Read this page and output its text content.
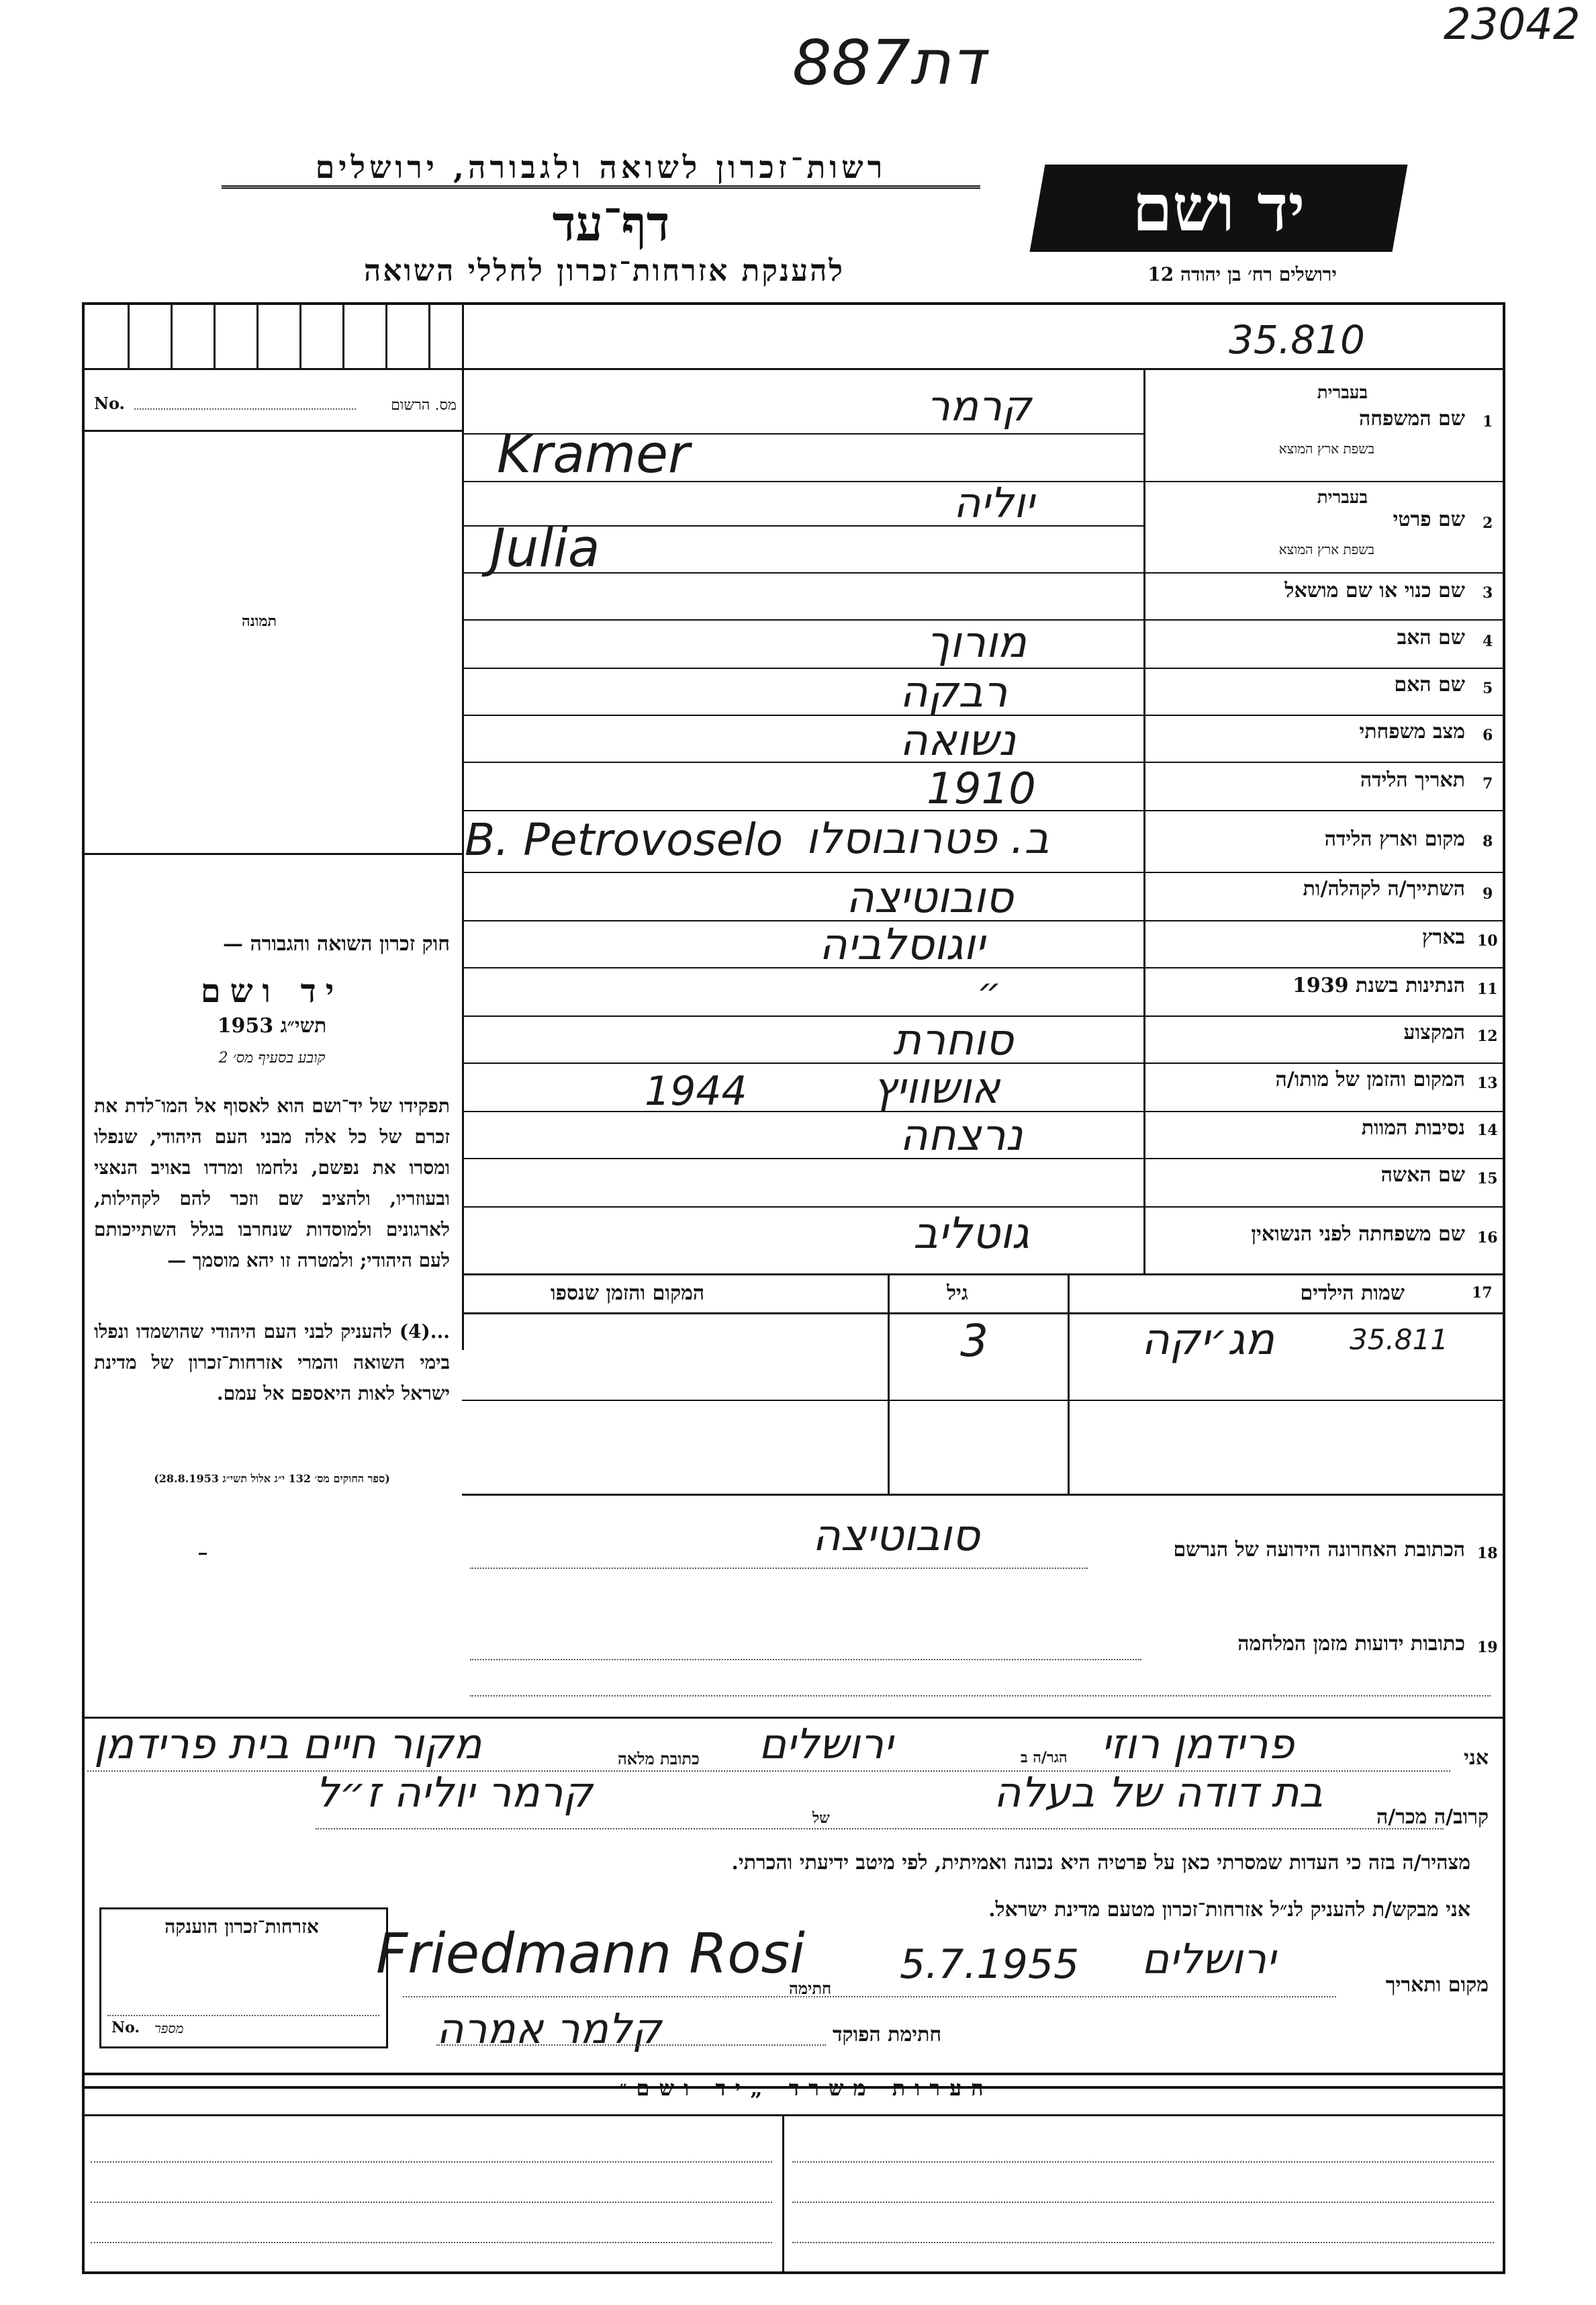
23042
887דת
רשות־זכרון לשואה ולגבורה, ירושלים
דף־עד
להענקת אזרחות־זכרון לחללי השואה
יד ושם
ירושלים רח׳ בן יהודה 12
35.810
No.	מס. הרשום
תמונה
חוק זכרון השואה והגבורה —
יד ושם
תשי״ג 1953
קובע בסעיף מס׳ 2
תפקידו של יד־ושם הוא לאסוף אל המו־לדת את זכרם של כל אלה מבני העם היהודי, שנפלו ומסרו את נפשם, נלחמו ומרדו באויב הנאצי ובעוזריו, ולהציב שם וזכר להם לקהילות, לארגונים ולמוסדות שנחרבו בגלל השתייכותם לעם היהודי; ולמטרה זו יהא מוסמך —
...(4) להעניק לבני העם היהודי שהושמדו ונפלו בימי השואה והמרי אזרחות־זכרון של מדינת ישראל לאות היאספם אל עמם.
(ספר החוקים מס׳ 132 י״ג אלול תשי״ג 28.8.1953)
1
שם המשפחה
בעברית
בשפת ארץ המוצא
קרמר
Kramer
2
שם פרטי
בעברית
בשפת ארץ המוצא
יוליה
Julia
3
שם כנוי או שם מושאל
4
שם האב
מורוך
5
שם האם
רבקה
6
מצב משפחתי
נשואה
7
תאריך הלידה
1910
8
מקום וארץ הלידה
ב. פטרובוסלו
B. Petrovoselo
9
השתייך/ה לקהלה/ות
סובוטיצה
10
בארץ
יוגוסלביה
11
הנתינות בשנת 1939
״
12
המקצוע
סוחרת
13
המקום והזמן של מותו/ה
אושוויץ
1944
14
נסיבות המוות
נרצחה
15
שם האשה
16
שם משפחתה לפני הנשואין
גוטליב
17
שמות הילדים
גיל
המקום והזמן שנספו
מג׳יקה	35.811
3
18
הכתובת האחרונה הידועה של הנרשם
סובוטיצה
19
כתובות ידועות מזמן המלחמה
אני
פרידמן רוזי
הגר/ה ב
ירושלים
כתובת מלאה
מקור חיים בית פרידמן
קרוב/ה מכר/ה
בת דודה של בעלה
של
קרמר יוליה ז״ל
מצהיר/ה בזה כי העדות שמסרתי כאן על פרטיה היא נכונה ואמיתית, לפי מיטב ידיעתי והכרתי.
אני מבקש/ת להעניק לנ״ל אזרחות־זכרון מטעם מדינת ישראל.
מקום ותאריך
ירושלים
5.7.1955
חתימה
Friedmann Rosi
חתימת הפוקד
קלמר אמרה
אזרחות־זכרון הוענקה
No. מספר
הערות משרד „יד ושם״
